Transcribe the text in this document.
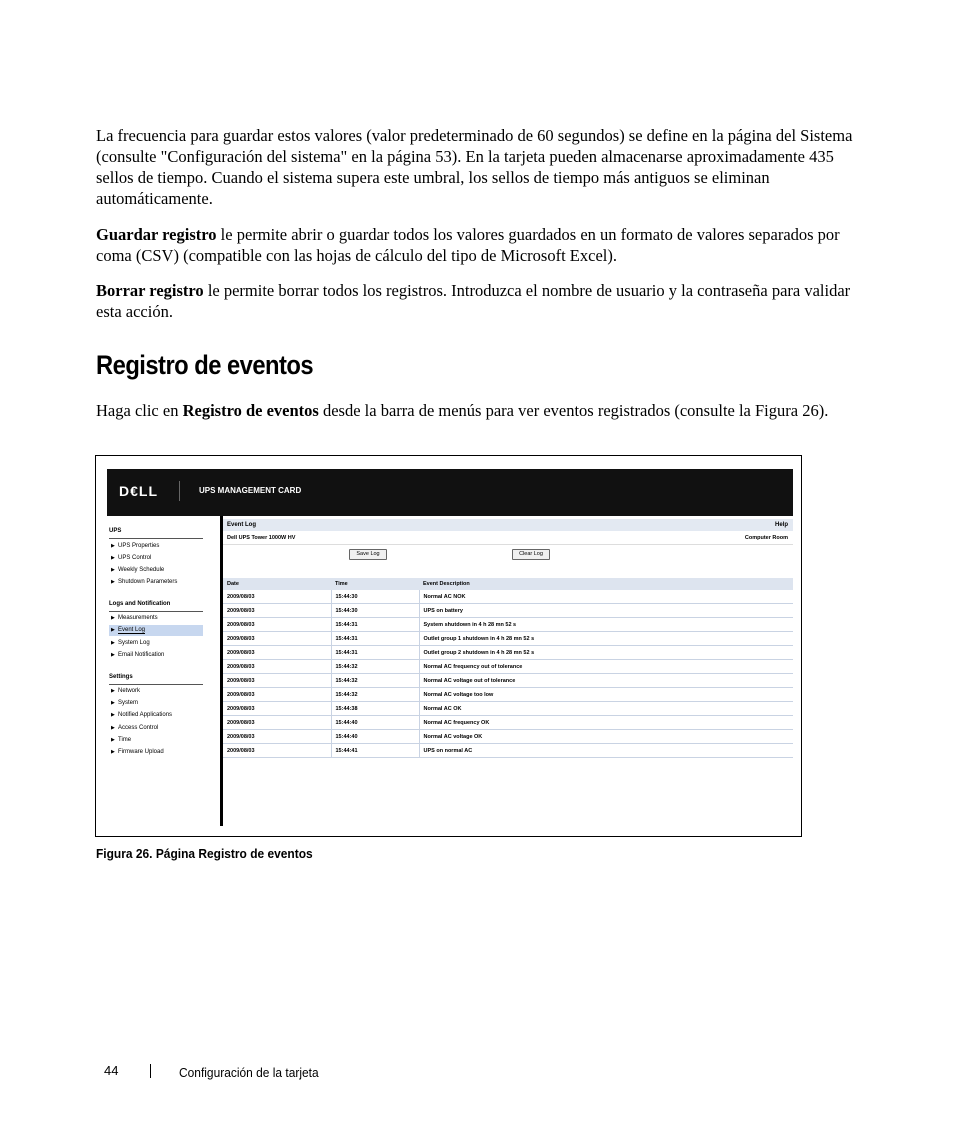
La frecuencia para guardar estos valores (valor predeterminado de 60 segundos) se define en la página del Sistema (consulte "Configuración del sistema" en la página 53). En la tarjeta pueden almacenarse aproximadamente 435 sellos de tiempo. Cuando el sistema supera este umbral, los sellos de tiempo más antiguos se eliminan automáticamente.

Guardar registro le permite abrir o guardar todos los valores guardados en un formato de valores separados por coma (CSV) (compatible con las hojas de cálculo del tipo de Microsoft Excel).

Borrar registro le permite borrar todos los registros. Introduzca el nombre de usuario y la contraseña para validar esta acción.

Registro de eventos

Haga clic en Registro de eventos desde la barra de menús para ver eventos registrados (consulte la Figura 26).

D€LL	UPS MANAGEMENT CARD
UPS
▶ UPS Properties
▶ UPS Control
▶ Weekly Schedule
▶ Shutdown Parameters
Logs and Notification
▶ Measurements
▶ Event Log
▶ System Log
▶ Email Notification
Settings
▶ Network
▶ System
▶ Notified Applications
▶ Access Control
▶ Time
▶ Firmware Upload
Event Log	Help
Dell UPS Tower 1000W HV	Computer Room
Save Log	Clear Log
Date	Time	Event Description
2009/08/03	15:44:30	Normal AC NOK
2009/08/03	15:44:30	UPS on battery
2009/08/03	15:44:31	System shutdown in 4 h 28 mn 52 s
2009/08/03	15:44:31	Outlet group 1 shutdown in 4 h 28 mn 52 s
2009/08/03	15:44:31	Outlet group 2 shutdown in 4 h 28 mn 52 s
2009/08/03	15:44:32	Normal AC frequency out of tolerance
2009/08/03	15:44:32	Normal AC voltage out of tolerance
2009/08/03	15:44:32	Normal AC voltage too low
2009/08/03	15:44:38	Normal AC OK
2009/08/03	15:44:40	Normal AC frequency OK
2009/08/03	15:44:40	Normal AC voltage OK
2009/08/03	15:44:41	UPS on normal AC
Figura 26. Página Registro de eventos
44	Configuración de la tarjeta
